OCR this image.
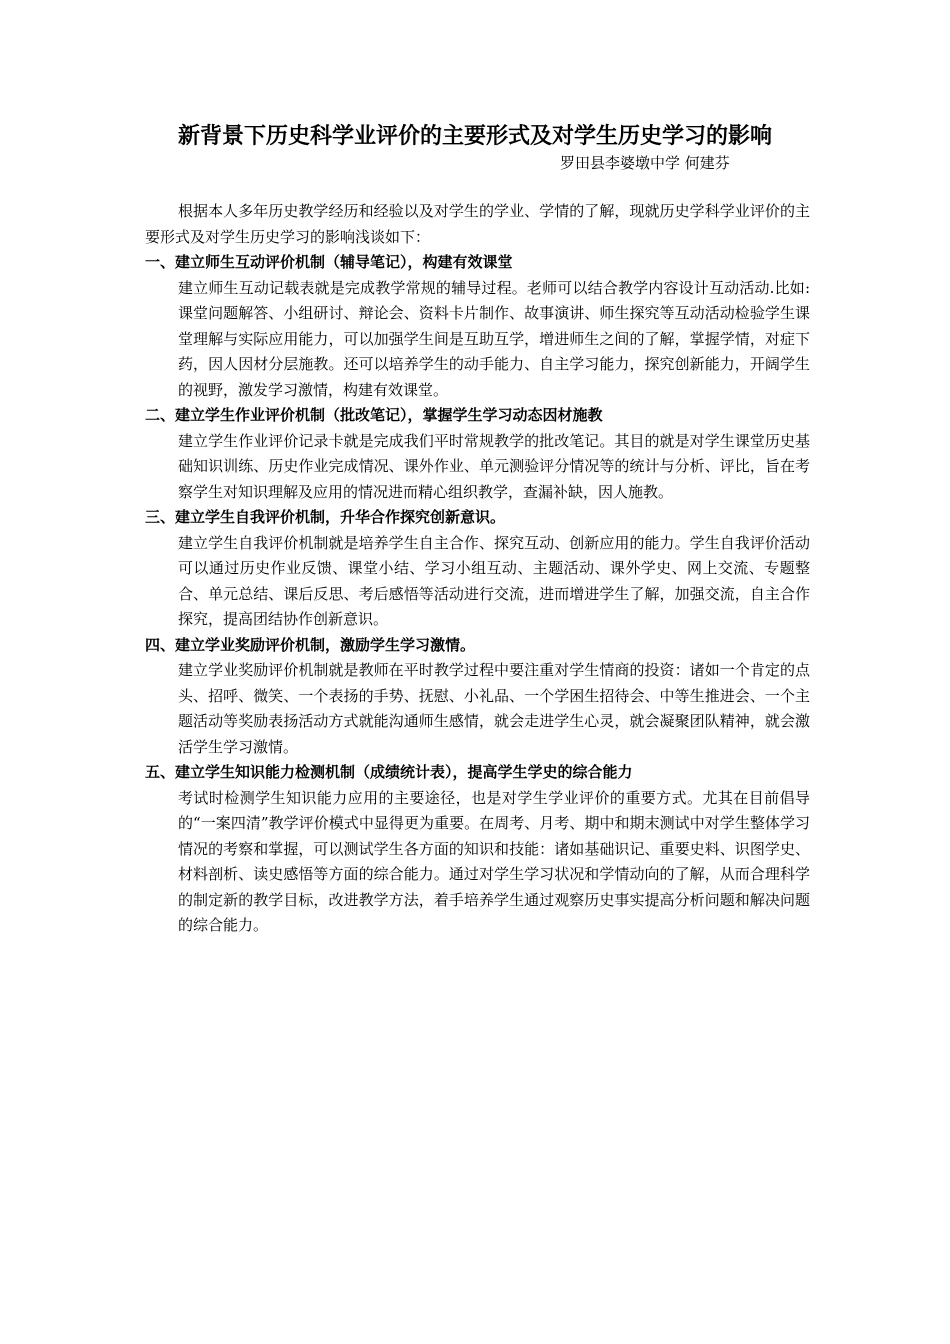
新背景下历史科学业评价的主要形式及对学生历史学习的影响

罗田县李婆墩中学 何建芬

根据本人多年历史教学经历和经验以及对学生的学业、学情的了解，现就历史学科学业评价的主要形式及对学生历史学习的影响浅谈如下：

一、建立师生互动评价机制（辅导笔记），构建有效课堂

建立师生互动记载表就是完成教学常规的辅导过程。老师可以结合教学内容设计互动活动.比如:课堂问题解答、小组研讨、辩论会、资料卡片制作、故事演讲、师生探究等互动活动检验学生课堂理解与实际应用能力，可以加强学生间是互助互学，增进师生之间的了解，掌握学情，对症下药，因人因材分层施教。还可以培养学生的动手能力、自主学习能力，探究创新能力，开阔学生的视野，激发学习激情，构建有效课堂。

二、建立学生作业评价机制（批改笔记），掌握学生学习动态因材施教

建立学生作业评价记录卡就是完成我们平时常规教学的批改笔记。其目的就是对学生课堂历史基础知识训练、历史作业完成情况、课外作业、单元测验评分情况等的统计与分析、评比，旨在考察学生对知识理解及应用的情况进而精心组织教学，查漏补缺，因人施教。

三、建立学生自我评价机制，升华合作探究创新意识。

建立学生自我评价机制就是培养学生自主合作、探究互动、创新应用的能力。学生自我评价活动可以通过历史作业反馈、课堂小结、学习小组互动、主题活动、课外学史、网上交流、专题整合、单元总结、课后反思、考后感悟等活动进行交流，进而增进学生了解，加强交流，自主合作探究，提高团结协作创新意识。

四、建立学业奖励评价机制，激励学生学习激情。

建立学业奖励评价机制就是教师在平时教学过程中要注重对学生情商的投资：诸如一个肯定的点头、招呼、微笑、一个表扬的手势、抚慰、小礼品、一个学困生招待会、中等生推进会、一个主题活动等奖励表扬活动方式就能沟通师生感情，就会走进学生心灵，就会凝聚团队精神，就会激活学生学习激情。

五、建立学生知识能力检测机制（成绩统计表），提高学生学史的综合能力

考试时检测学生知识能力应用的主要途径，也是对学生学业评价的重要方式。尤其在目前倡导的“一案四清”教学评价模式中显得更为重要。在周考、月考、期中和期末测试中对学生整体学习情况的考察和掌握，可以测试学生各方面的知识和技能：诸如基础识记、重要史料、识图学史、材料剖析、读史感悟等方面的综合能力。通过对学生学习状况和学情动向的了解，从而合理科学的制定新的教学目标，改进教学方法，着手培养学生通过观察历史事实提高分析问题和解决问题的综合能力。
